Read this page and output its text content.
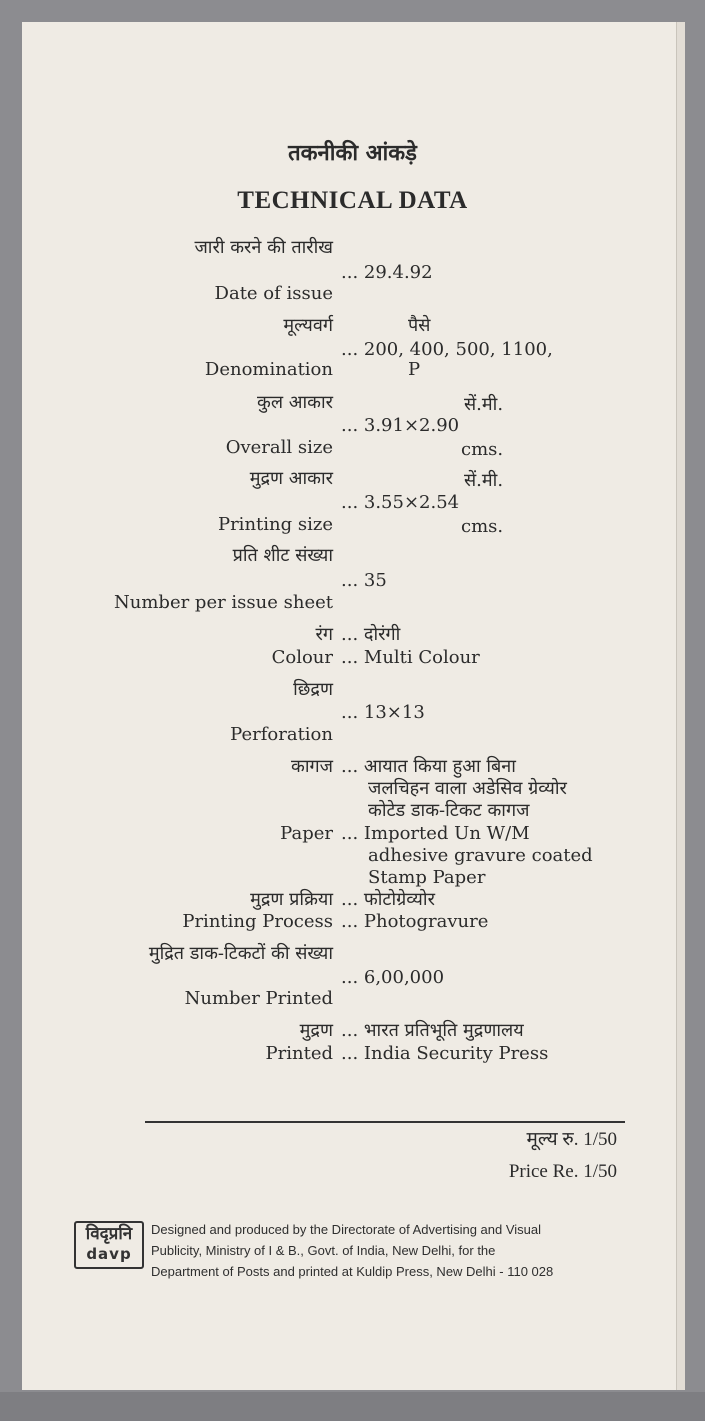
तकनीकी आंकड़े
TECHNICAL DATA
जारी करने की तारीख
... 29.4.92
Date of issue
मूल्यवर्ग	पैसे
... 200, 400, 500, 1100,
Denomination	P
कुल आकार	सें.मी.
... 3.91×2.90
Overall size	cms.
मुद्रण आकार	सें.मी.
... 3.55×2.54
Printing size	cms.
प्रति शीट संख्या
... 35
Number per issue sheet
रंग ... दोरंगी
Colour ... Multi Colour
छिद्रण
... 13×13
Perforation
कागज ... आयात किया हुआ बिना
जलचिहन वाला अडेसिव ग्रेव्योर
कोटेड डाक-टिकट कागज
Paper ... Imported Un W/M
adhesive gravure coated
Stamp Paper
मुद्रण प्रक्रिया ... फोटोग्रेव्योर
Printing Process ... Photogravure
मुद्रित डाक-टिकटों की संख्या
... 6,00,000
Number Printed
मुद्रण ... भारत प्रतिभूति मुद्रणालय
Printed ... India Security Press
मूल्य रु. 1/50
Price Re. 1/50
विदृप्रनि
davp
Designed and produced by the Directorate of Advertising and Visual
Publicity, Ministry of I & B., Govt. of India, New Delhi, for the
Department of Posts and printed at Kuldip Press, New Delhi - 110 028
